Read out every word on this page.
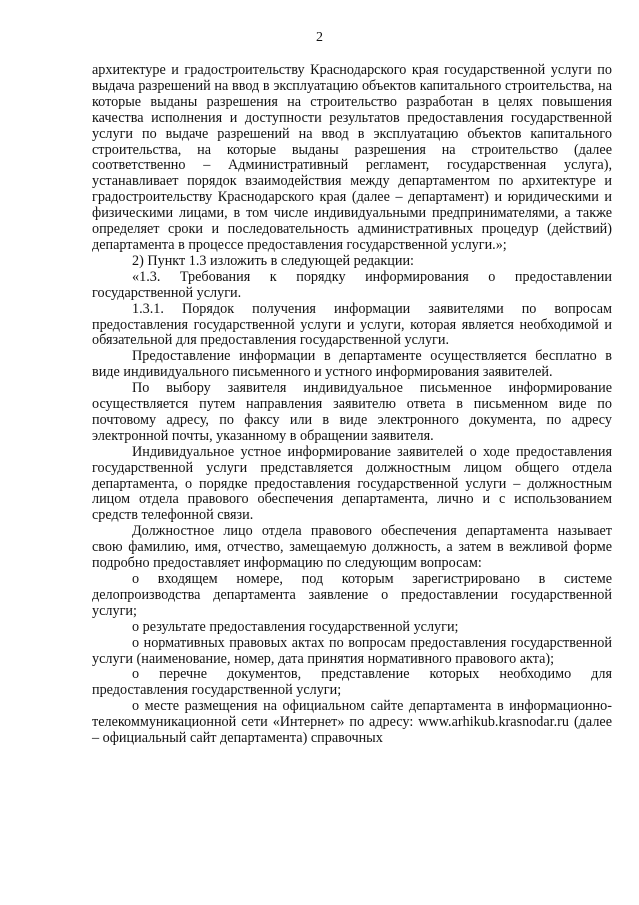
2

архитектуре и градостроительству Краснодарского края государственной услуги по выдача разрешений на ввод в эксплуатацию объектов капитального строительства, на которые выданы разрешения на строительство разработан в целях повышения качества исполнения и доступности результатов предоставления государственной услуги по выдаче разрешений на ввод в эксплуатацию объектов капитального строительства, на которые выданы разрешения на строительство (далее соответственно – Административный регламент, государственная услуга), устанавливает порядок взаимодействия между департаментом по архитектуре и градостроительству Краснодарского края (далее – департамент) и юридическими и физическими лицами, в том числе индивидуальными предпринимателями, а также определяет сроки и последовательность административных процедур (действий) департамента в процессе предоставления государственной услуги.»;

2) Пункт 1.3 изложить в следующей редакции:

«1.3. Требования к порядку информирования о предоставлении государственной услуги.

1.3.1. Порядок получения информации заявителями по вопросам предоставления государственной услуги и услуги, которая является необходимой и обязательной для предоставления государственной услуги.

Предоставление информации в департаменте осуществляется бесплатно в виде индивидуального письменного и устного информирования заявителей.

По выбору заявителя индивидуальное письменное информирование осуществляется путем направления заявителю ответа в письменном виде по почтовому адресу, по факсу или в виде электронного документа, по адресу электронной почты, указанному в обращении заявителя.

Индивидуальное устное информирование заявителей о ходе предоставления государственной услуги представляется должностным лицом общего отдела департамента, о порядке предоставления государственной услуги – должностным лицом отдела правового обеспечения департамента, лично и с использованием средств телефонной связи.

Должностное лицо отдела правового обеспечения департамента называет свою фамилию, имя, отчество, замещаемую должность, а затем в вежливой форме подробно предоставляет информацию по следующим вопросам:

о входящем номере, под которым зарегистрировано в системе делопроизводства департамента заявление о предоставлении государственной услуги;

о результате предоставления государственной услуги;

о нормативных правовых актах по вопросам предоставления государственной услуги (наименование, номер, дата принятия нормативного правового акта);

о перечне документов, представление которых необходимо для предоставления государственной услуги;

о месте размещения на официальном сайте департамента в информационно-телекоммуникационной сети «Интернет» по адресу: www.arhikub.krasnodar.ru (далее – официальный сайт департамента) справочных
